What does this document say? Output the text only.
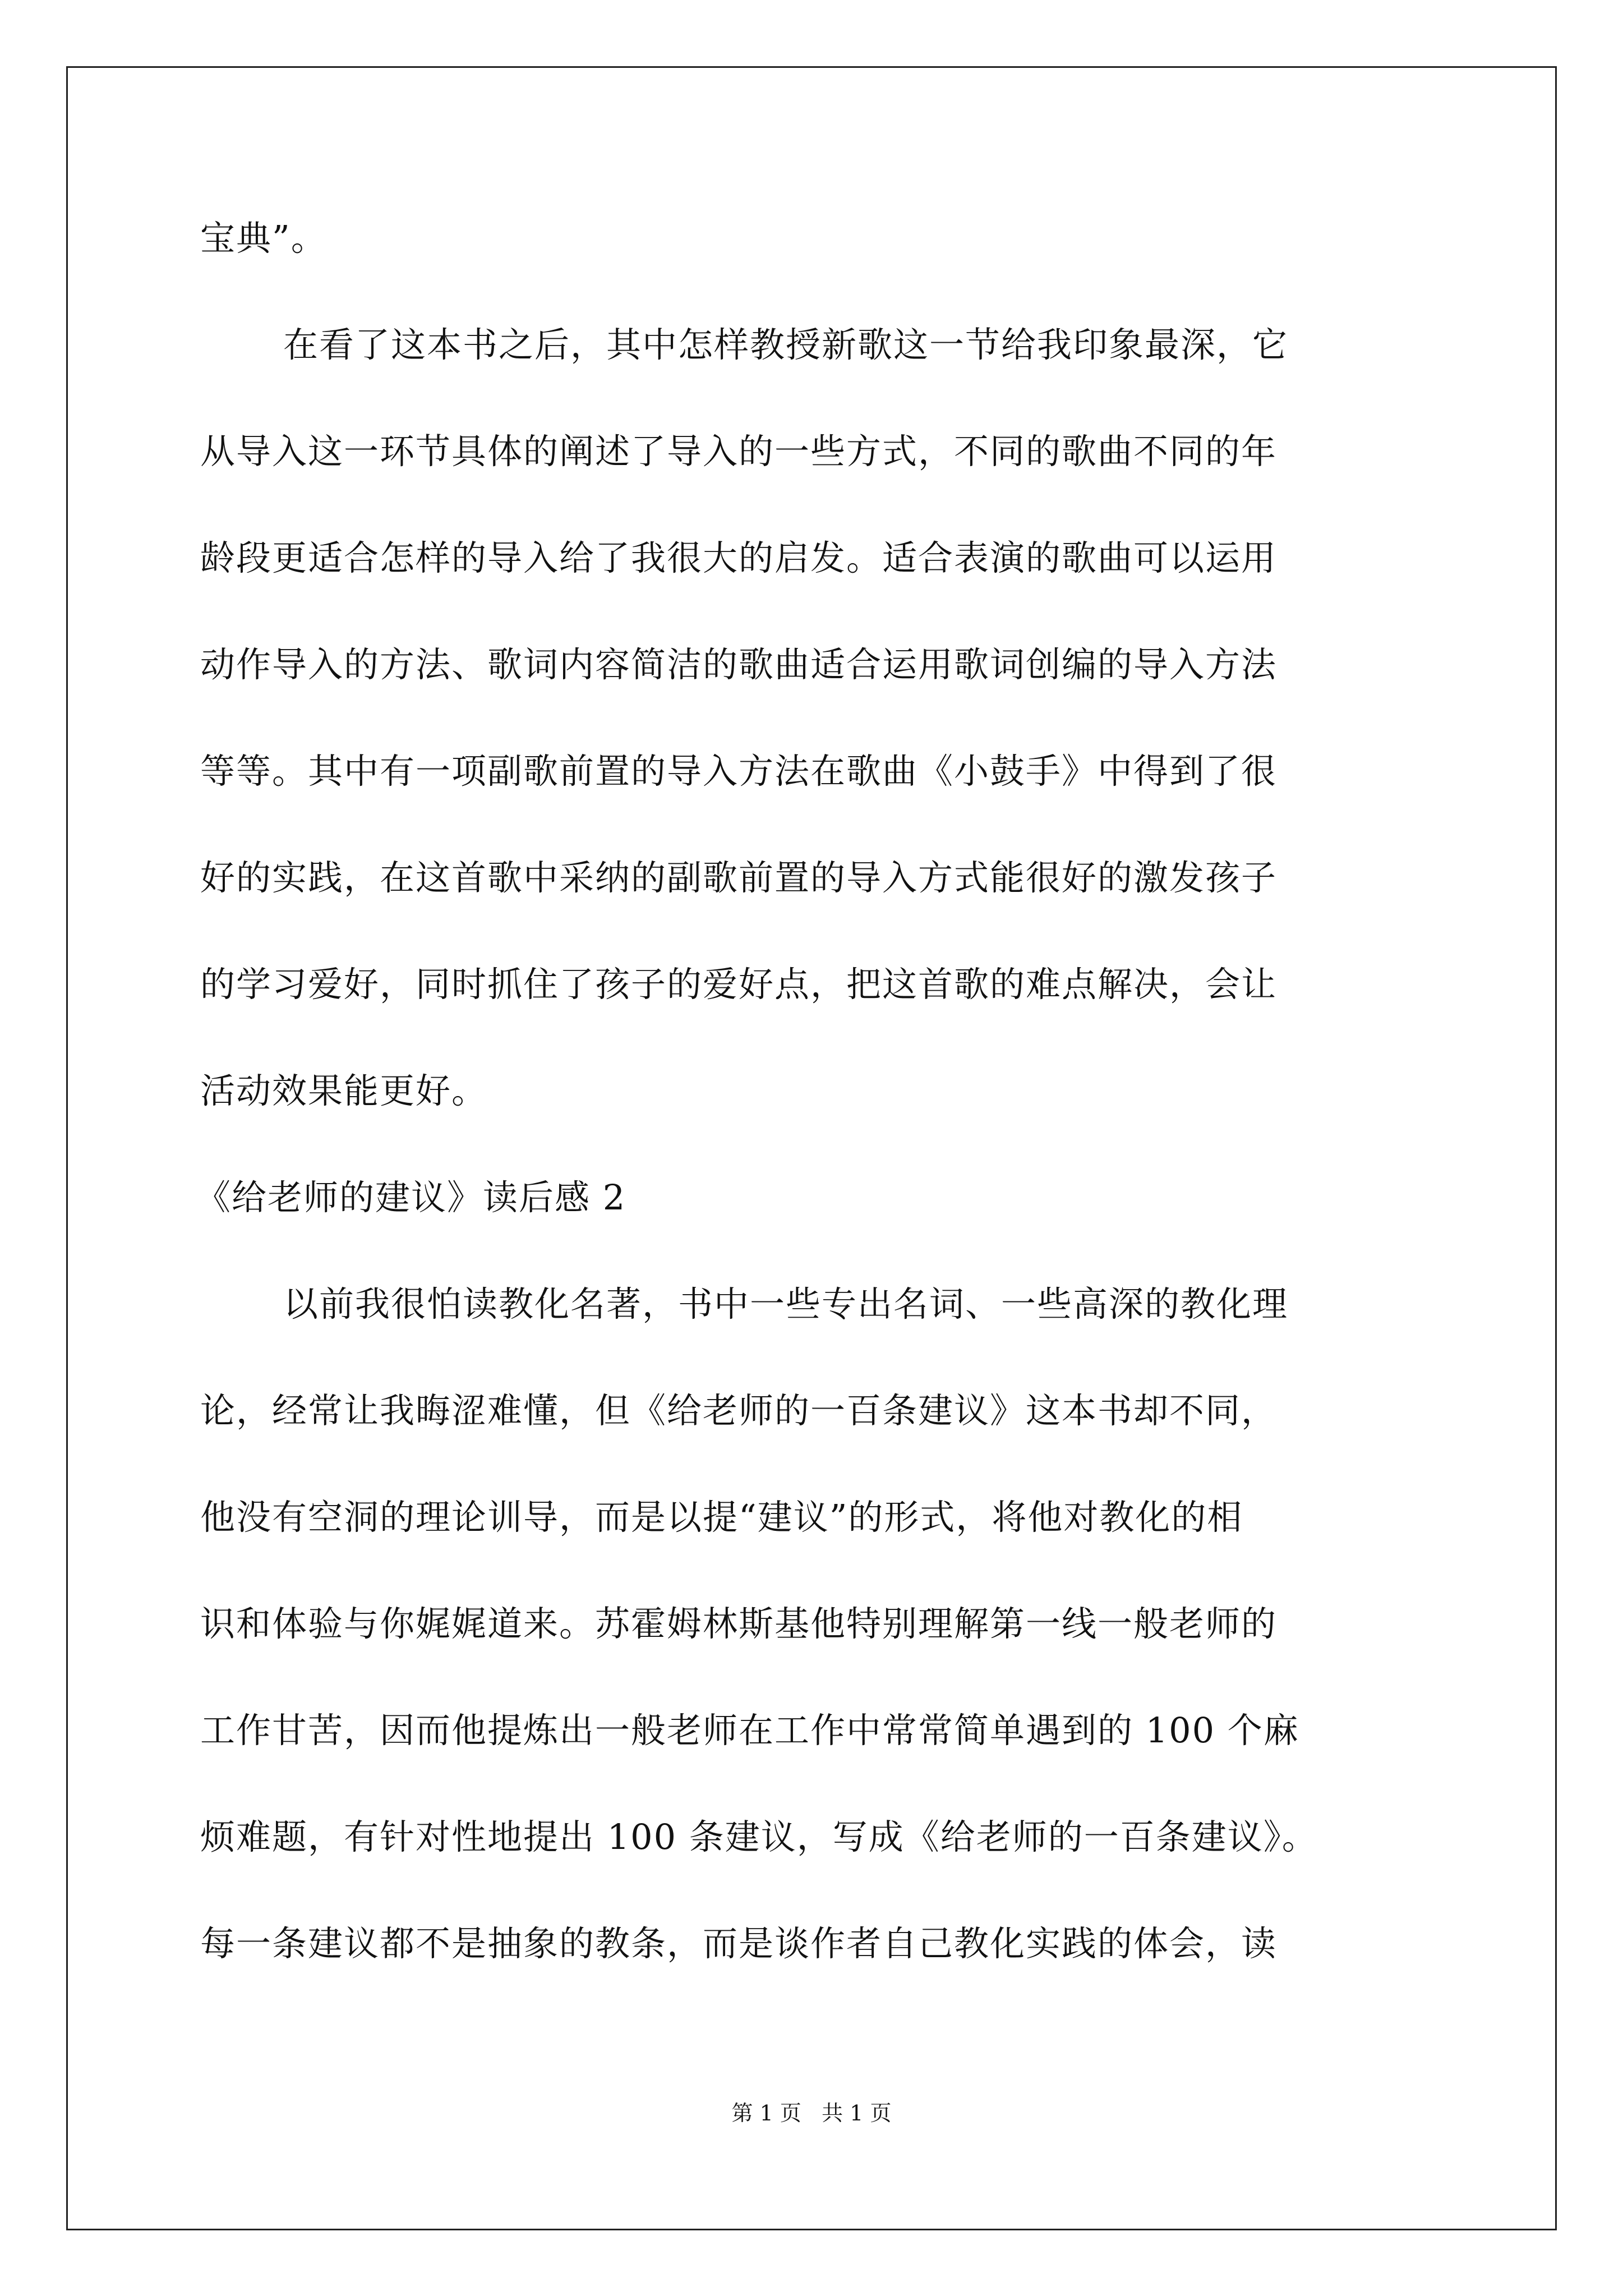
宝典”。
在看了这本书之后，其中怎样教授新歌这一节给我印象最深，它
从导入这一环节具体的阐述了导入的一些方式，不同的歌曲不同的年
龄段更适合怎样的导入给了我很大的启发。适合表演的歌曲可以运用
动作导入的方法、歌词内容简洁的歌曲适合运用歌词创编的导入方法
等等。其中有一项副歌前置的导入方法在歌曲《小鼓手》中得到了很
好的实践，在这首歌中采纳的副歌前置的导入方式能很好的激发孩子
的学习爱好，同时抓住了孩子的爱好点，把这首歌的难点解决，会让
活动效果能更好。
《给老师的建议》读后感 2
以前我很怕读教化名著，书中一些专出名词、一些高深的教化理
论，经常让我晦涩难懂，但《给老师的一百条建议》这本书却不同，
他没有空洞的理论训导，而是以提“建议”的形式，将他对教化的相
识和体验与你娓娓道来。苏霍姆林斯基他特别理解第一线一般老师的
工作甘苦，因而他提炼出一般老师在工作中常常简单遇到的 100 个麻
烦难题，有针对性地提出 100 条建议，写成《给老师的一百条建议》。
每一条建议都不是抽象的教条，而是谈作者自己教化实践的体会，读
第 1 页   共 1 页
